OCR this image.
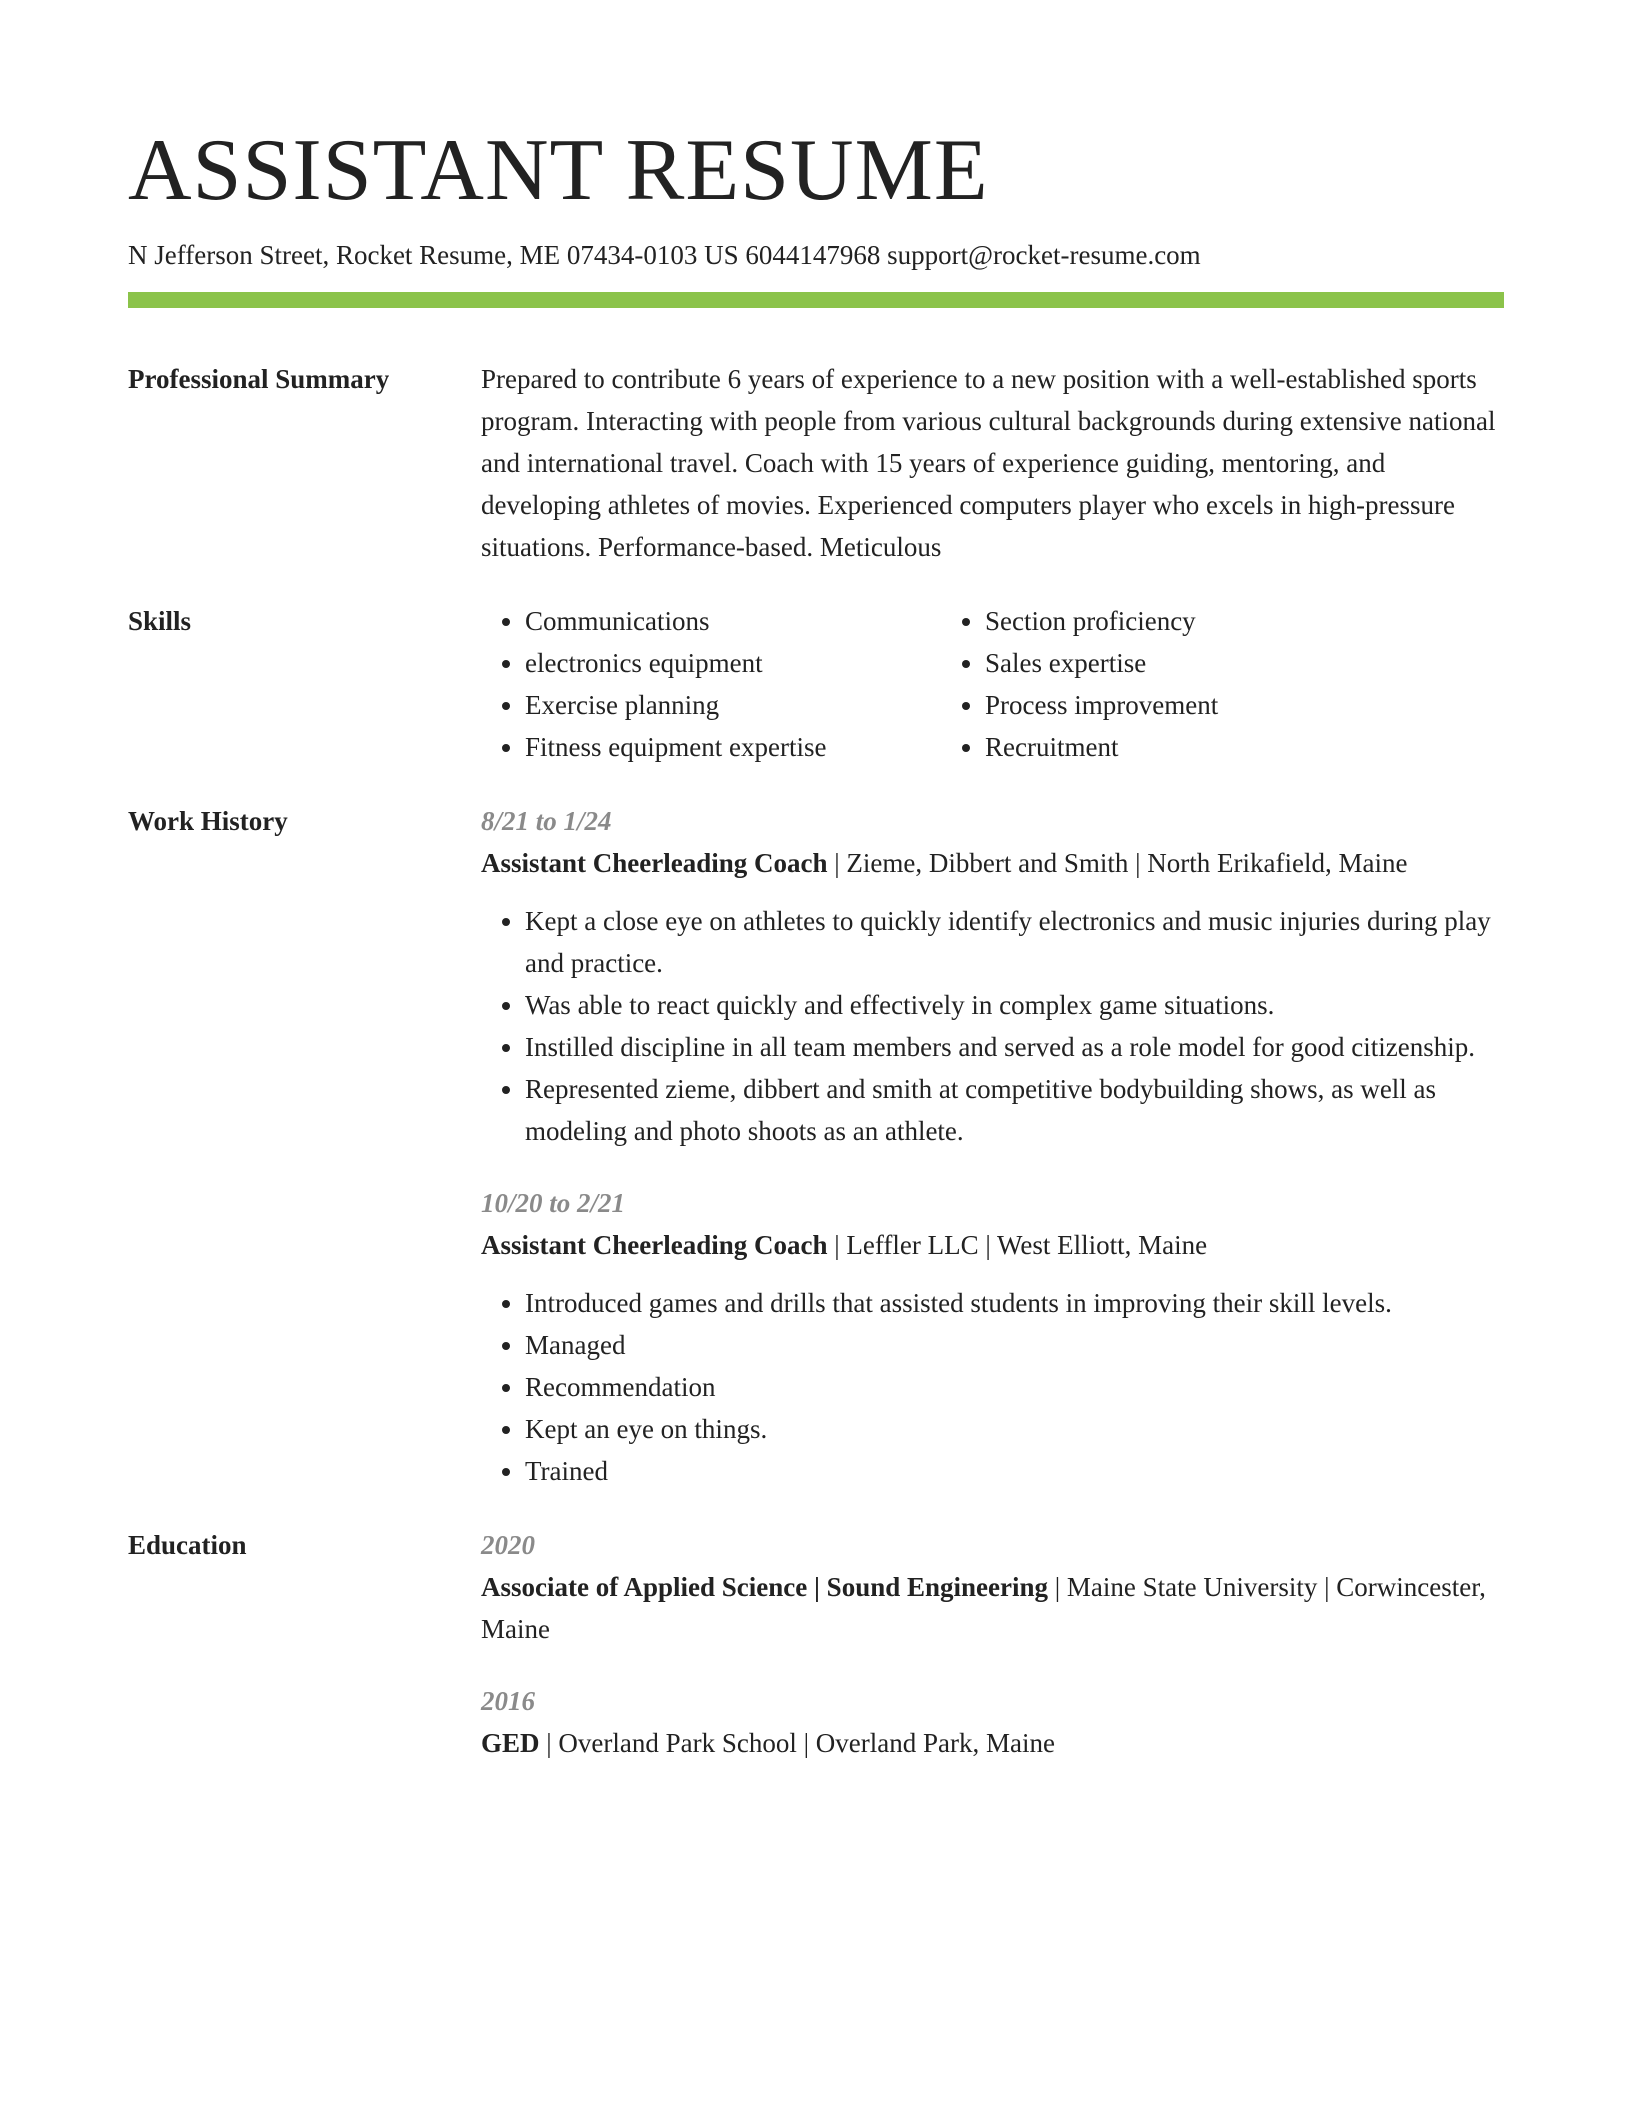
ASSISTANT RESUME
N Jefferson Street, Rocket Resume, ME 07434-0103 US 6044147968 support@rocket-resume.com
Professional Summary	Prepared to contribute 6 years of experience to a new position with a well-established sports program. Interacting with people from various cultural backgrounds during extensive national and international travel. Coach with 15 years of experience guiding, mentoring, and developing athletes of movies. Experienced computers player who excels in high-pressure situations. Performance-based. Meticulous

Skills
•	Communications
• electronics equipment
• Exercise planning
• Fitness equipment expertise
• Section proficiency
• Sales expertise
• Process improvement
• Recruitment
Work History	8/21 to 1/24
Assistant Cheerleading Coach | Zieme, Dibbert and Smith | North Erikafield, Maine
• Kept a close eye on athletes to quickly identify electronics and music injuries during play and practice.
• Was able to react quickly and effectively in complex game situations.
• Instilled discipline in all team members and served as a role model for good citizenship.
• Represented zieme, dibbert and smith at competitive bodybuilding shows, as well as modeling and photo shoots as an athlete.
10/20 to 2/21
Assistant Cheerleading Coach | Leffler LLC | West Elliott, Maine
• Introduced games and drills that assisted students in improving their skill levels.
• Managed
• Recommendation
• Kept an eye on things.
• Trained
Education	2020
Associate of Applied Science | Sound Engineering | Maine State University | Corwincester, Maine
2016
GED | Overland Park School | Overland Park, Maine
